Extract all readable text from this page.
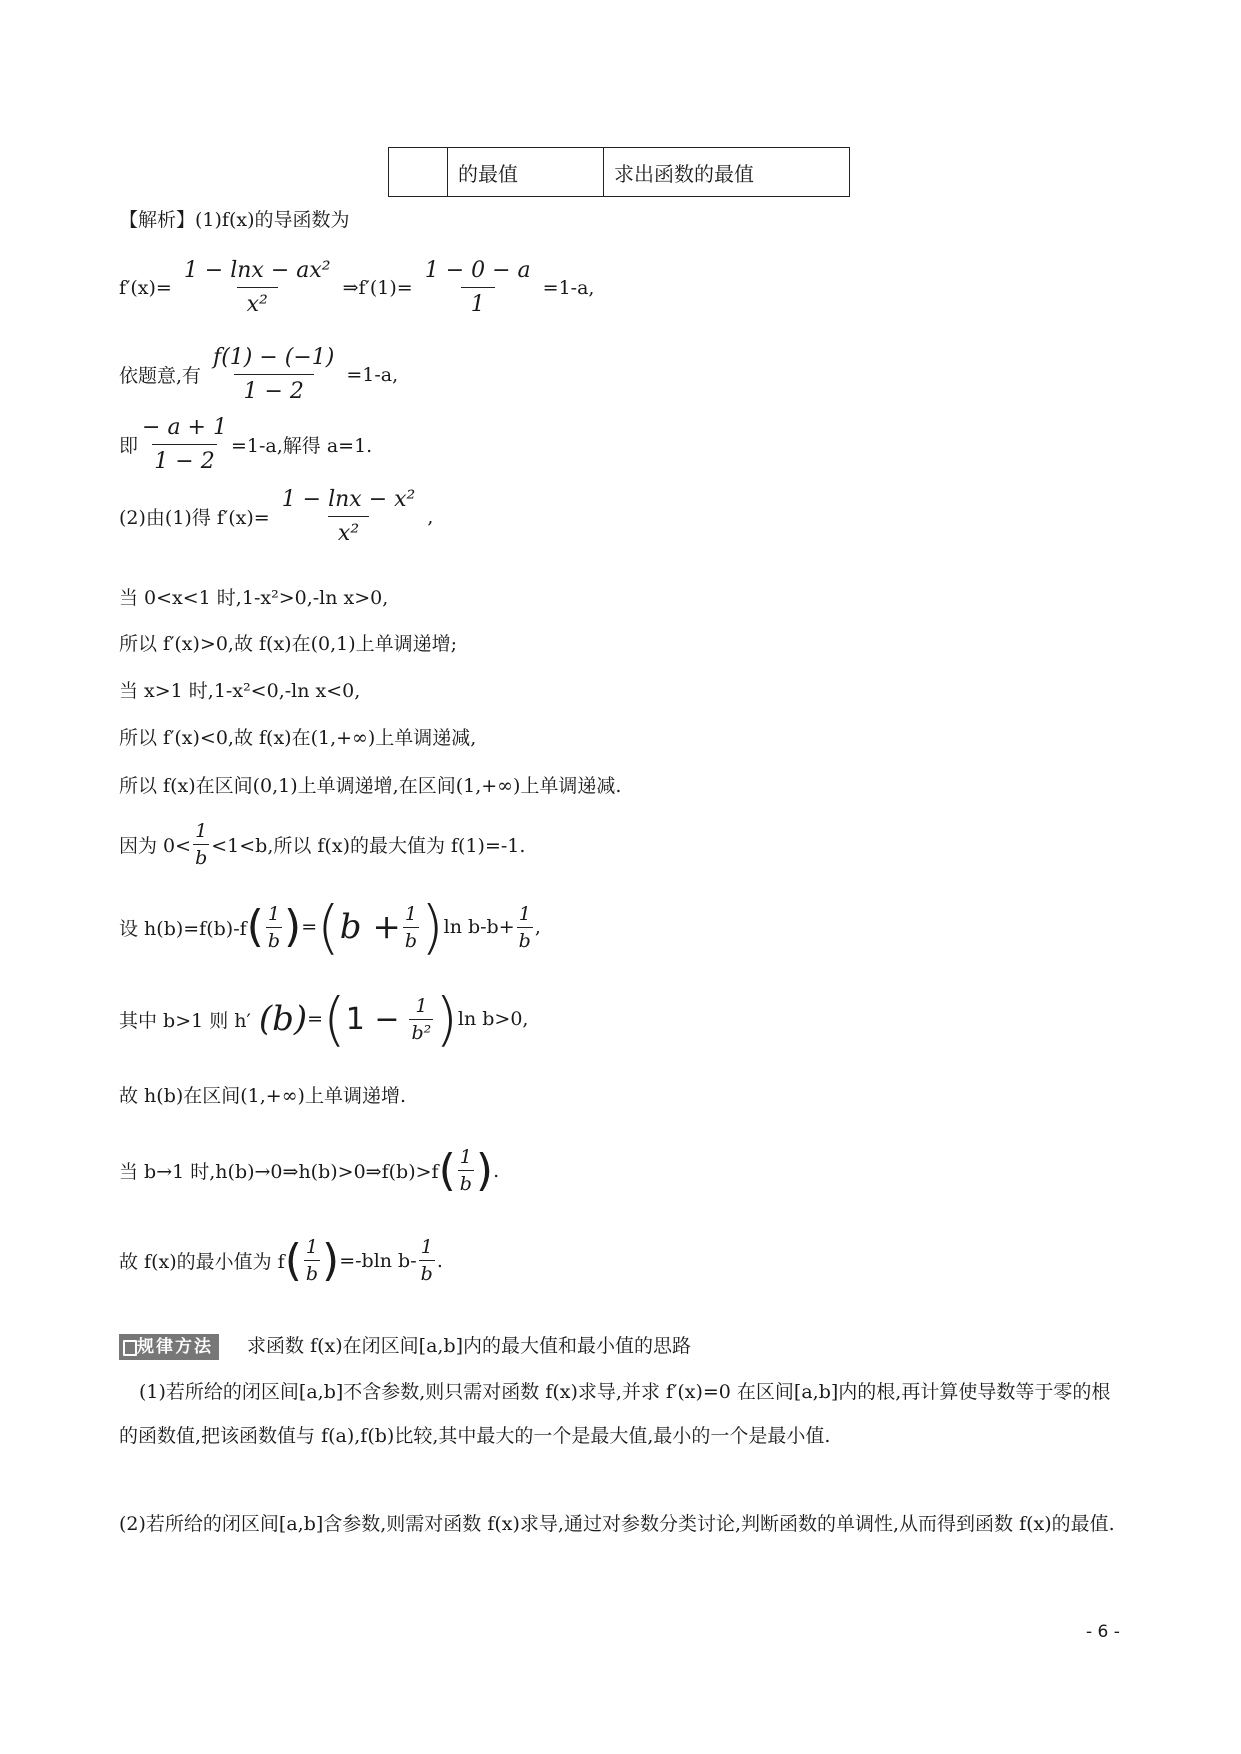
	的最值	求出函数的最值
【解析】(1)f(x)的导函数为
$f'(x)= \frac{\text{1 − lnx − ax²}}{\text{x²}}$ ⇒f′(1)= $\frac{1 - 0 - a}{1} =1-a$,
依题意,有 $\frac{f(1) - (-1)}{1 - 2} =1-a$,
即 $\frac{- a + 1}{1 - 2} =1-a$,解得 a=1.
(2)由(1)得 $f'(x)= \frac{\text{1 − lnx − x²}}{\text{x²}}$ ,
当 0<x<1 时,1-x²>0,-ln x>0,
所以 f′(x)>0,故 f(x)在(0,1)上单调递增;
当 x>1 时,1-x²<0,-ln x<0,
所以 f′(x)<0,故 f(x)在(1,+∞)上单调递减,
所以 f(x)在区间(0,1)上单调递增,在区间(1,+∞)上单调递减.
因为 $0< \frac{1}{b} <1<b$,所以 f(x)的最大值为 f(1)=-1.
设 h(b)=f(b)-f ( $\frac{1}{b}$ ) = ( $b + \frac{1}{b}$ ) $\ln b-b+ \frac{1}{b}$ ,
其中 b>1 则 h′ (b) = ( $1 - \frac{1}{\text{b²}}$ ) ln b>0,
故 h(b)在区间(1,+∞)上单调递增.
当 b→1 时,h(b)→0⇒h(b)>0⇒f(b)>f ( $\frac{1}{b}$ ) .
故 f(x)的最小值为 f ( $\frac{1}{b}$ ) =-bln $b- \frac{1}{b}$ .
规律方法 求函数 f(x)在闭区间[a,b]内的最大值和最小值的思路
(1)若所给的闭区间[a,b]不含参数,则只需对函数 f(x)求导,并求 f′(x)=0 在区间[a,b]内的根,再计算使导数等于零的根的函数值,把该函数值与 f(a),f(b)比较,其中最大的一个是最大值,最小的一个是最小值.
(2)若所给的闭区间[a,b]含参数,则需对函数 f(x)求导,通过对参数分类讨论,判断函数的单调性,从而得到函数 f(x)的最值.
- 6 -
